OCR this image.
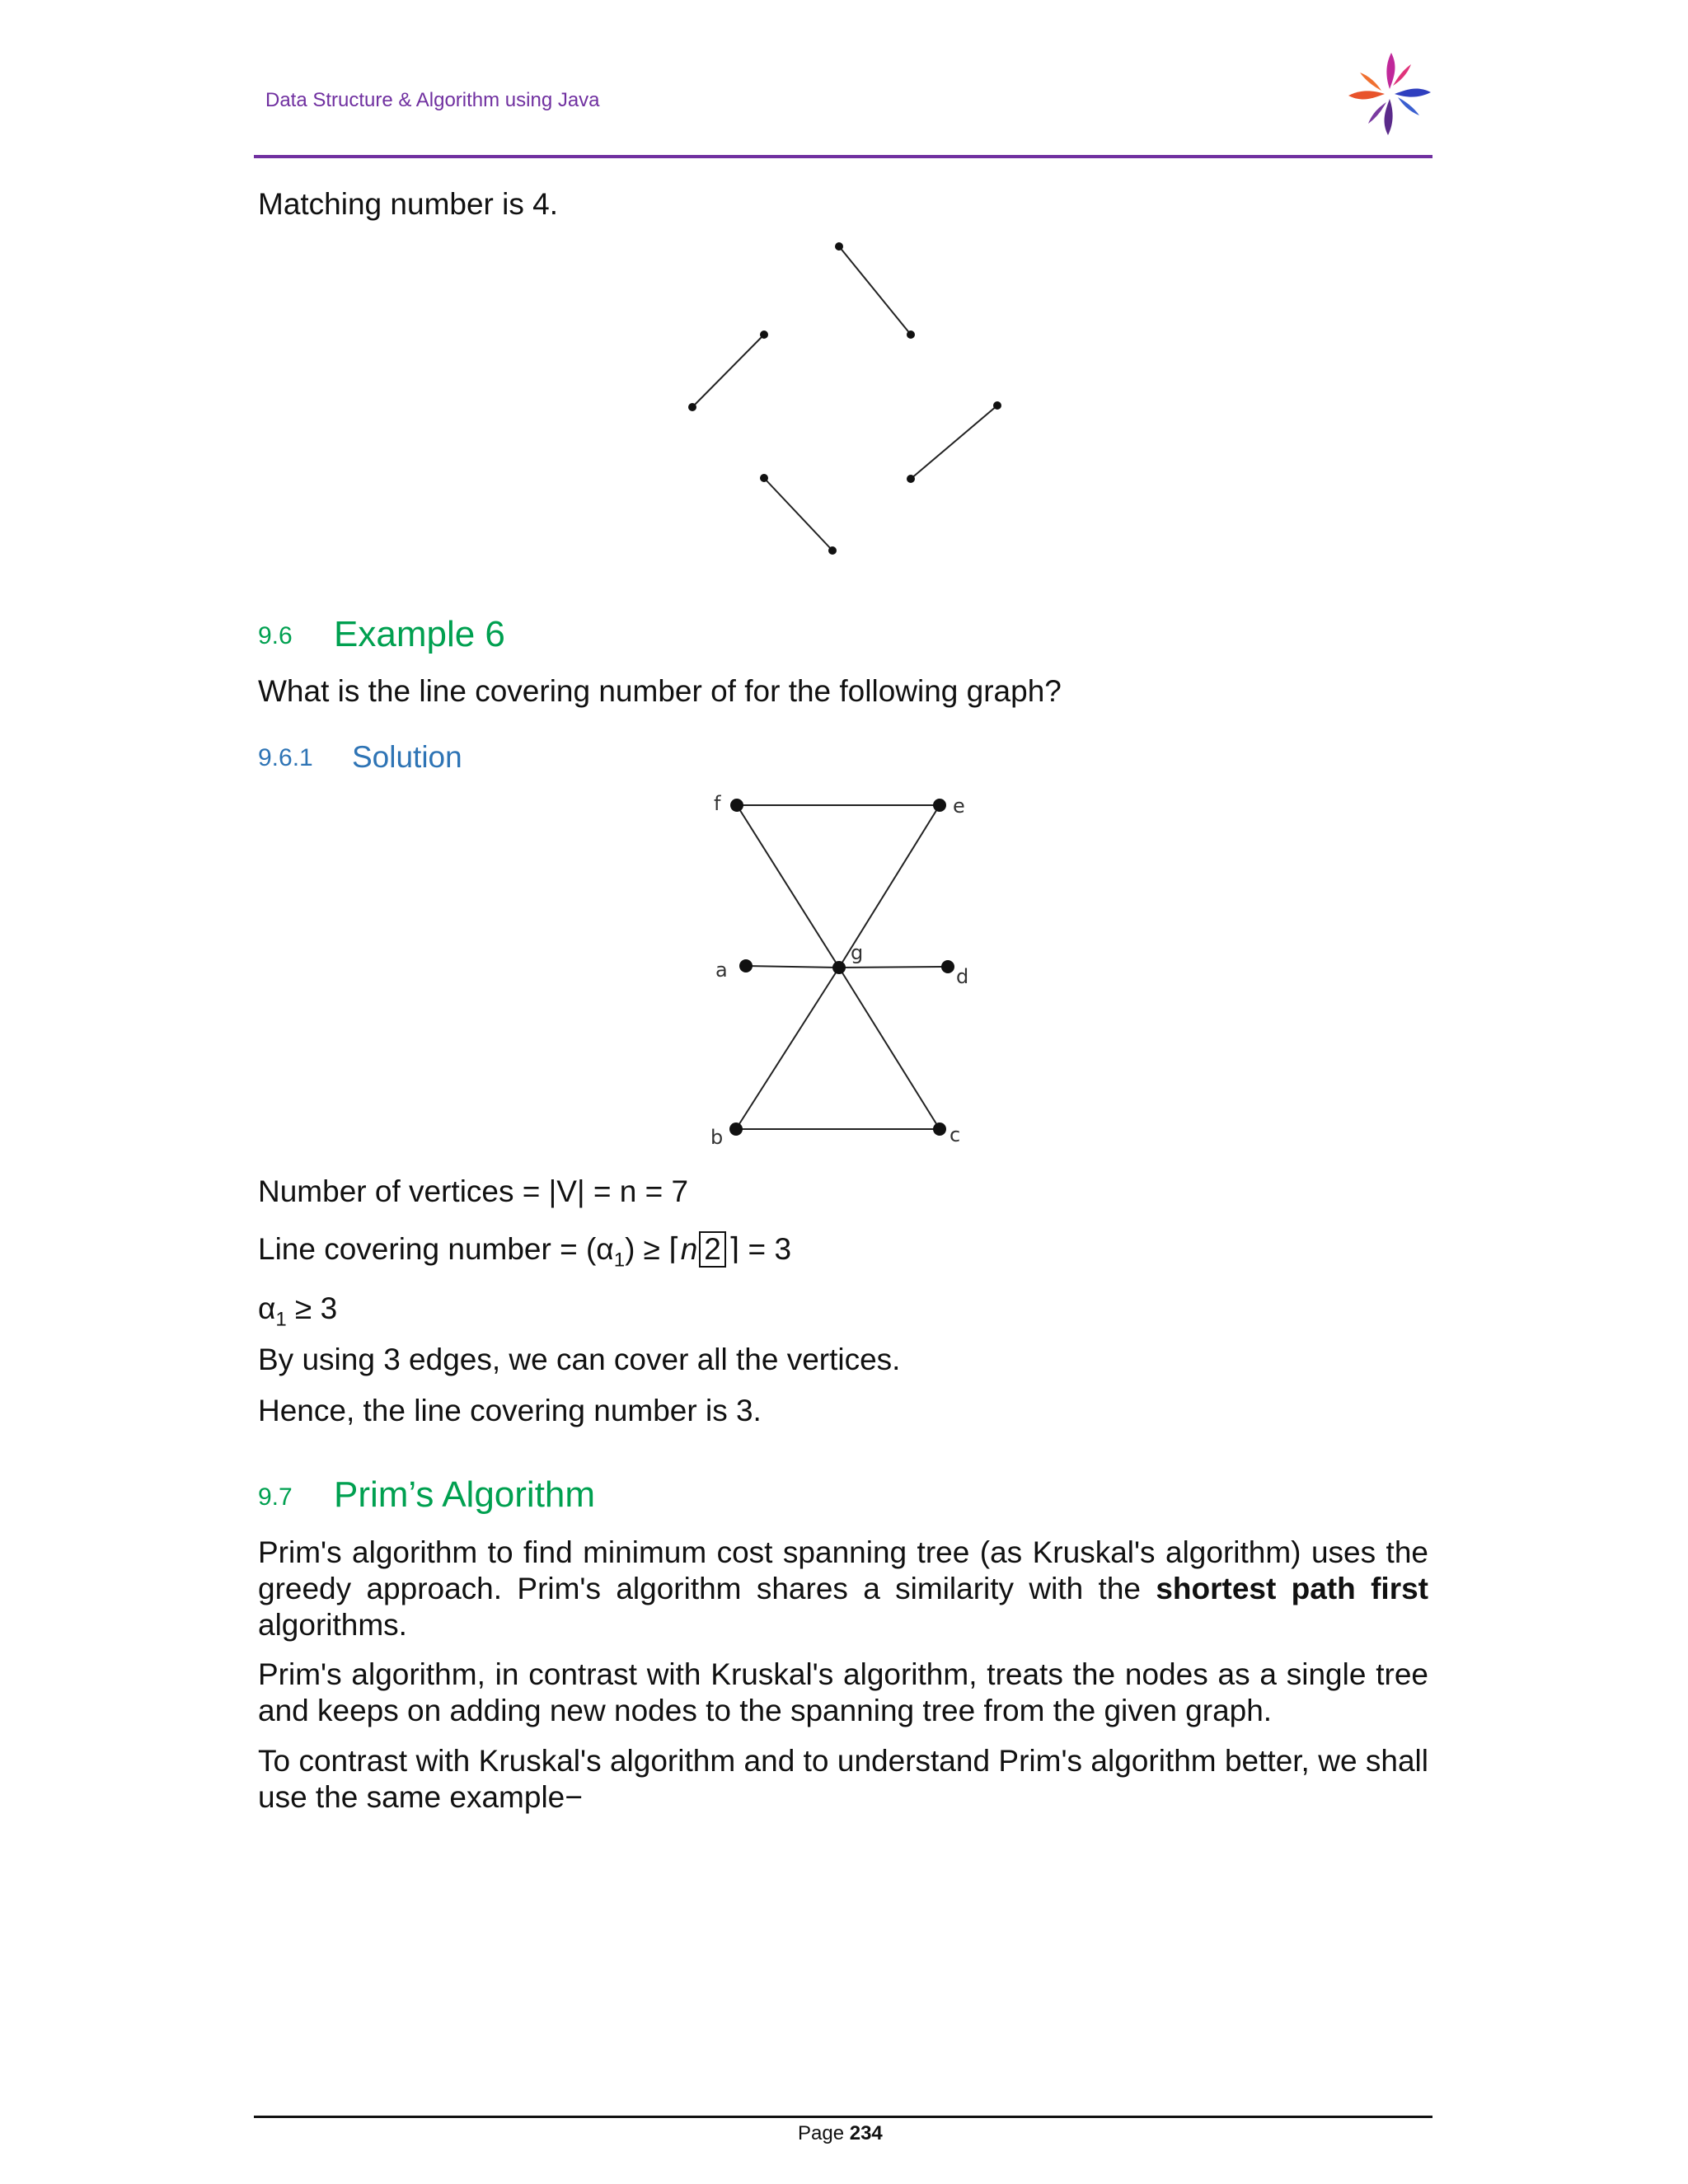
Data Structure & Algorithm using Java
Matching number is 4.
9.6 Example 6
What is the line covering number of for the following graph?
9.6.1 Solution
f	e
a
g
d
b	c
Number of vertices = |V| = n = 7
Line covering number = $(\alpha_1)$ ≥ ⌈n 2 ⌉ = 3
$\alpha_1 \ge 3$
By using 3 edges, we can cover all the vertices.
Hence, the line covering number is 3.
9.7 Prim’s Algorithm
Prim's algorithm to find minimum cost spanning tree (as Kruskal's algorithm) uses the greedy approach. Prim's algorithm shares a similarity with the shortest path first algorithms.
Prim's algorithm, in contrast with Kruskal's algorithm, treats the nodes as a single tree and keeps on adding new nodes to the spanning tree from the given graph.
To contrast with Kruskal's algorithm and to understand Prim's algorithm better, we shall use the same example−
Page 234
